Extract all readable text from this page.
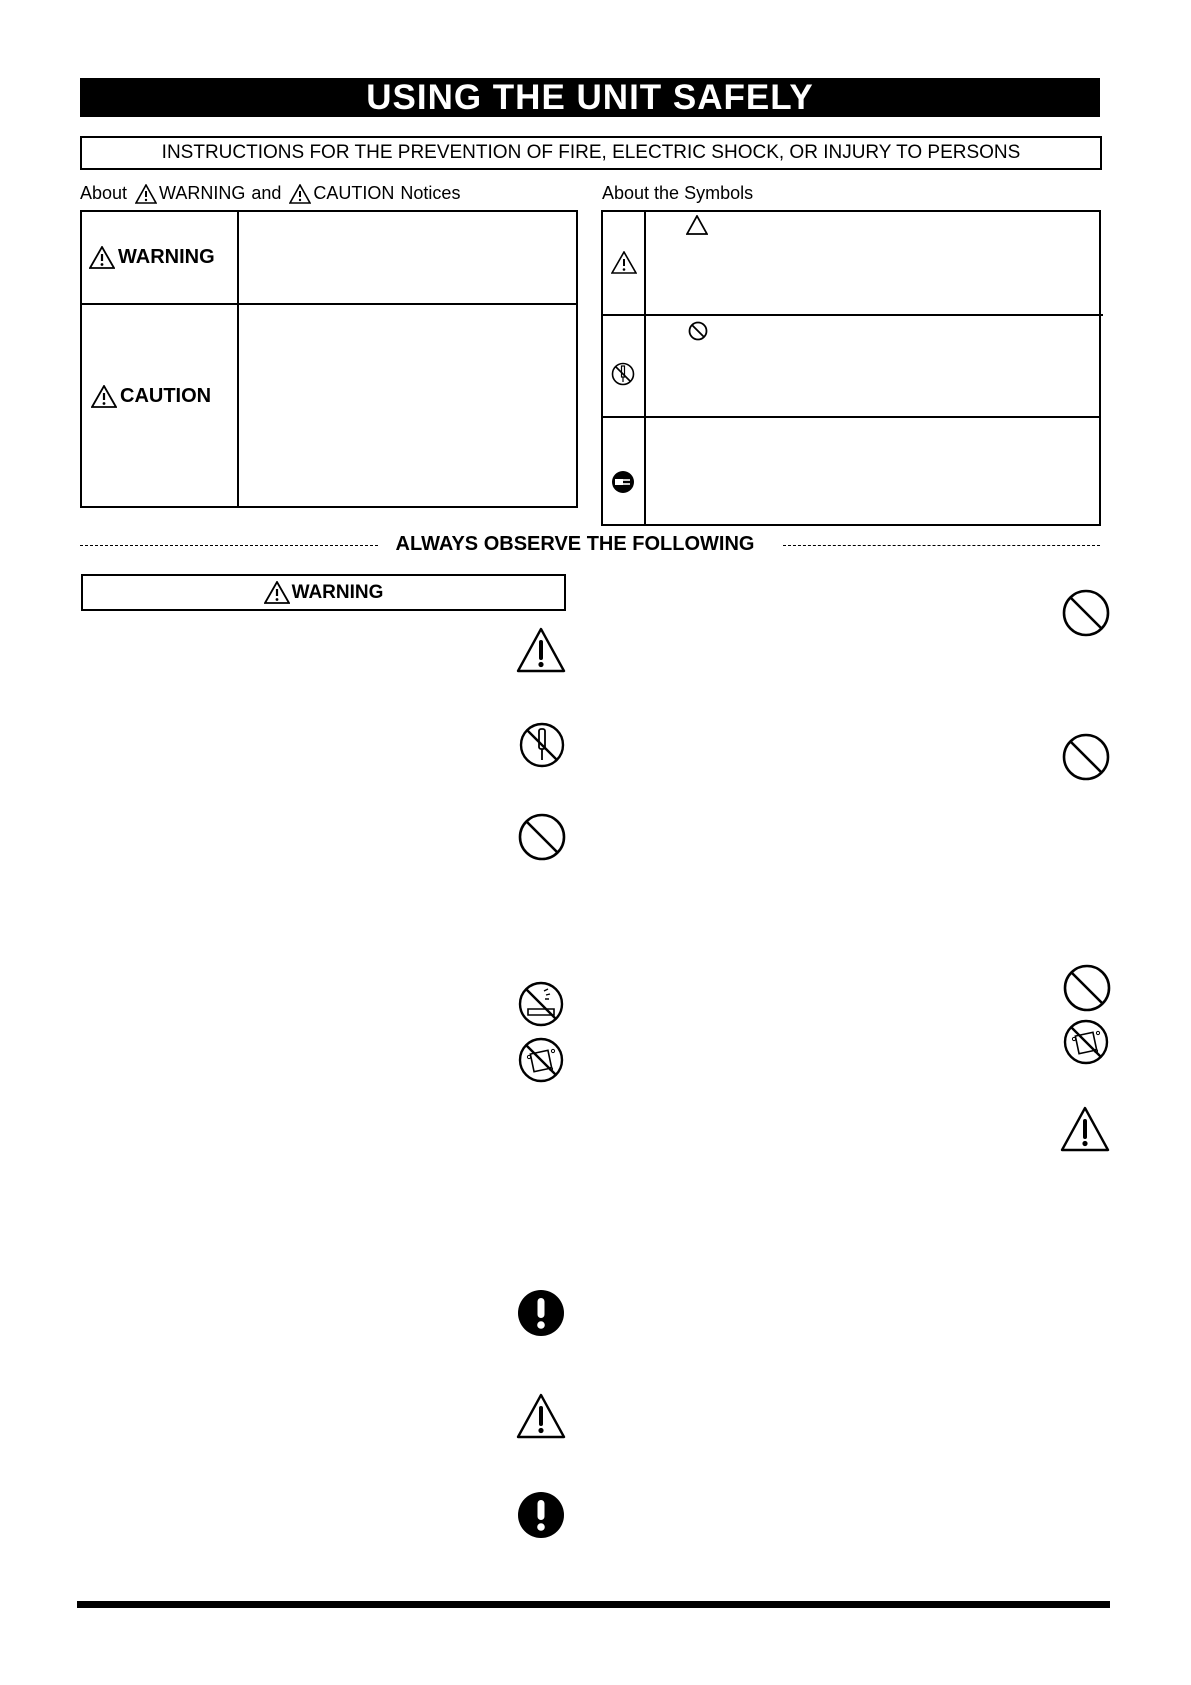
USING THE UNIT SAFELY
INSTRUCTIONS FOR THE PREVENTION OF FIRE, ELECTRIC SHOCK, OR INJURY TO PERSONS
About WARNING and CAUTION Notices
WARNING
CAUTION
About the Symbols
ALWAYS OBSERVE THE FOLLOWING
WARNING
